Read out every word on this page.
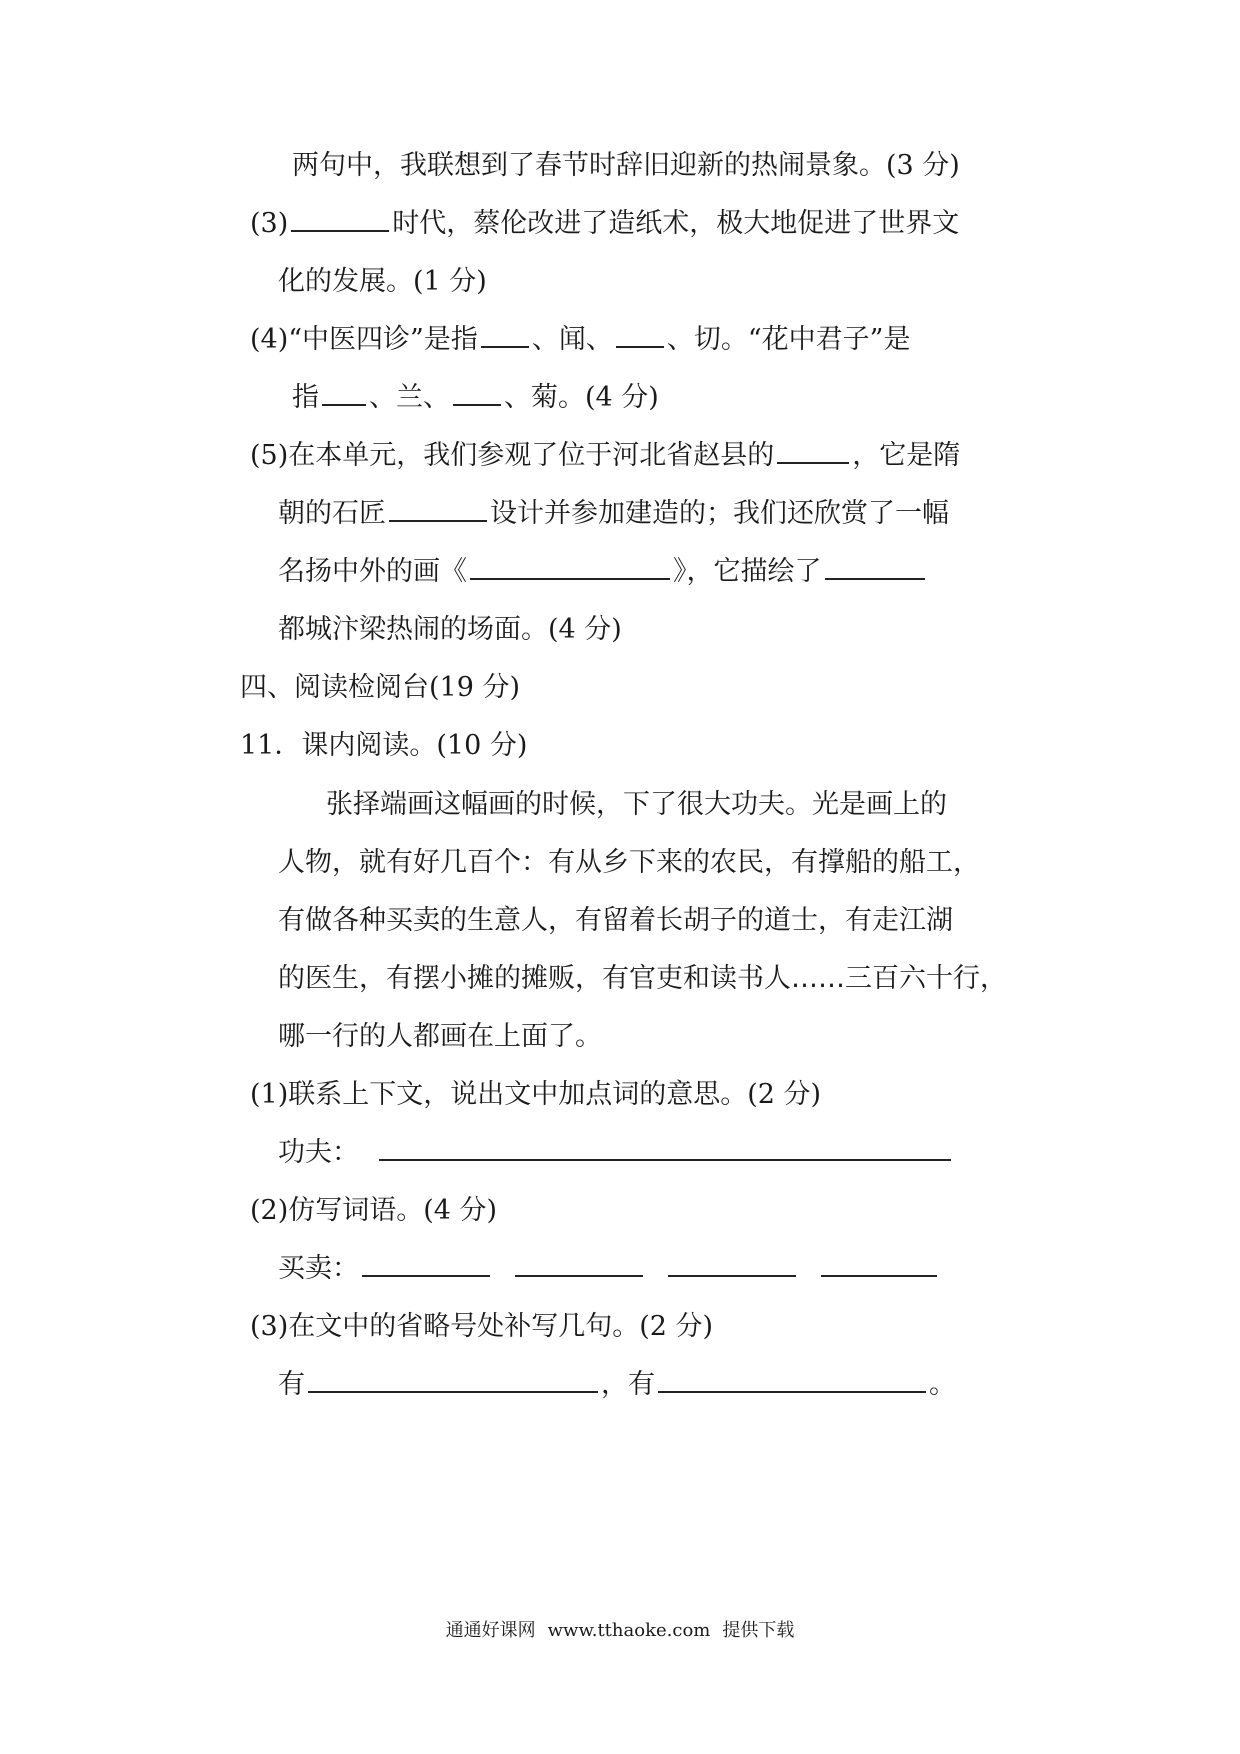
两句中，我联想到了春节时辞旧迎新的热闹景象。(3 分)
(3)	时代，蔡伦改进了造纸术，极大地促进了世界文
化的发展。(1 分)
(4)“中医四诊”是指 、闻、 、切。“花中君子”是
指 、兰、 、菊。(4 分)
(5)在本单元，我们参观了位于河北省赵县的	，它是隋
朝的石匠	设计并参加建造的；我们还欣赏了一幅
名扬中外的画《	》，它描绘了
都城汴梁热闹的场面。(4 分)
四、阅读检阅台(19 分)
11．课内阅读。(10 分)
张择端画这幅画的时候，下了很大功夫。光是画上的
人物，就有好几百个：有从乡下来的农民，有撑船的船工，
有做各种买卖的生意人，有留着长胡子的道士，有走江湖
的医生，有摆小摊的摊贩，有官吏和读书人……三百六十行，
哪一行的人都画在上面了。
(1)联系上下文，说出文中加点词的意思。(2 分)
功夫：
(2)仿写词语。(4 分)
买卖：
(3)在文中的省略号处补写几句。(2 分)
有	，有	。
通通好课网 www.tthaoke.com 提供下载
